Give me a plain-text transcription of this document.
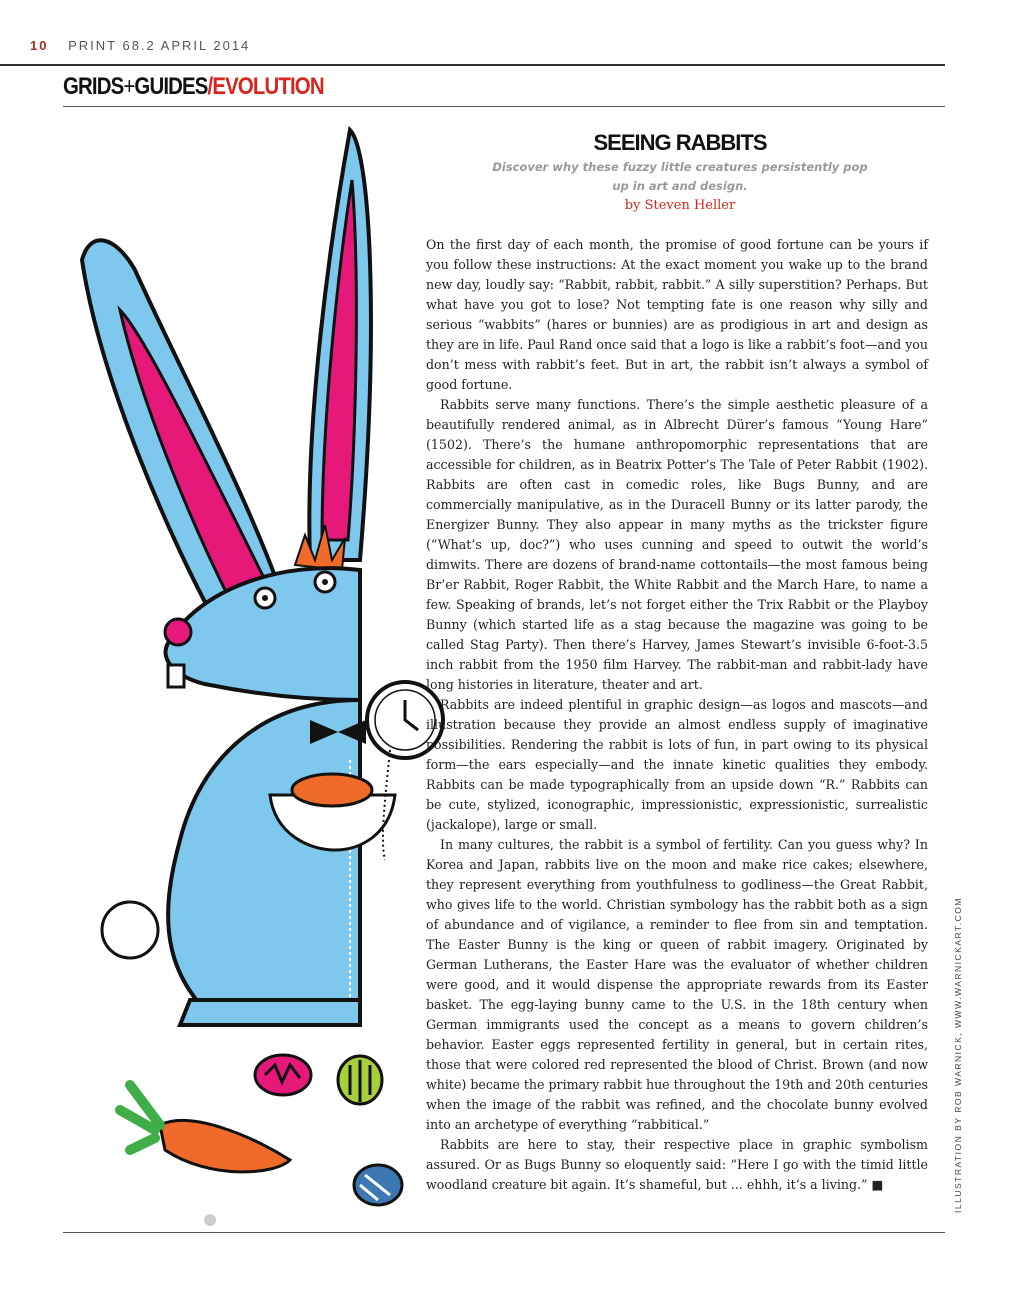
10 PRINT 68.2 APRIL 2014
GRIDS+GUIDES/EVOLUTION
SEEING RABBITS
Discover why these fuzzy little creatures persistently pop up in art and design.
by Steven Heller

On the first day of each month, the promise of good fortune can be yours if you follow these instructions: At the exact moment you wake up to the brand new day, loudly say: “Rabbit, rabbit, rabbit.” A silly superstition? Perhaps. But what have you got to lose? Not tempting fate is one reason why silly and serious “wabbits” (hares or bunnies) are as prodigious in art and design as they are in life. Paul Rand once said that a logo is like a rabbit’s foot—and you don’t mess with rabbit’s feet. But in art, the rabbit isn’t always a symbol of good fortune.

Rabbits serve many functions. There’s the simple aesthetic pleasure of a beautifully rendered animal, as in Albrecht Dürer’s famous “Young Hare” (1502). There’s the humane anthropomorphic representations that are accessible for children, as in Beatrix Potter’s The Tale of Peter Rabbit (1902). Rabbits are often cast in comedic roles, like Bugs Bunny, and are commercially manipulative, as in the Duracell Bunny or its latter parody, the Energizer Bunny. They also appear in many myths as the trickster figure (“What’s up, doc?”) who uses cunning and speed to outwit the world’s dimwits. There are dozens of brand-name cottontails—the most famous being Br’er Rabbit, Roger Rabbit, the White Rabbit and the March Hare, to name a few. Speaking of brands, let’s not forget either the Trix Rabbit or the Playboy Bunny (which started life as a stag because the magazine was going to be called Stag Party). Then there’s Harvey, James Stewart’s invisible 6-foot-3.5 inch rabbit from the 1950 film Harvey. The rabbit-man and rabbit-lady have long histories in literature, theater and art.

Rabbits are indeed plentiful in graphic design—as logos and mascots—and illustration because they provide an almost endless supply of imaginative possibilities. Rendering the rabbit is lots of fun, in part owing to its physical form—the ears especially—and the innate kinetic qualities they embody. Rabbits can be made typographically from an upside down “R.” Rabbits can be cute, stylized, iconographic, impressionistic, expressionistic, surrealistic (jackalope), large or small.

In many cultures, the rabbit is a symbol of fertility. Can you guess why? In Korea and Japan, rabbits live on the moon and make rice cakes; elsewhere, they represent everything from youthfulness to godliness—the Great Rabbit, who gives life to the world. Christian symbology has the rabbit both as a sign of abundance and of vigilance, a reminder to flee from sin and temptation. The Easter Bunny is the king or queen of rabbit imagery. Originated by German Lutherans, the Easter Hare was the evaluator of whether children were good, and it would dispense the appropriate rewards from its Easter basket. The egg-laying bunny came to the U.S. in the 18th century when German immigrants used the concept as a means to govern children’s behavior. Easter eggs represented fertility in general, but in certain rites, those that were colored red represented the blood of Christ. Brown (and now white) became the primary rabbit hue throughout the 19th and 20th centuries when the image of the rabbit was refined, and the chocolate bunny evolved into an archetype of everything “rabbitical.”

Rabbits are here to stay, their respective place in graphic symbolism assured. Or as Bugs Bunny so eloquently said: “Here I go with the timid little woodland creature bit again. It’s shameful, but ... ehhh, it’s a living.” ■	ILLUSTRATION BY ROB WARNICK, WWW.WARNICKART.COM
